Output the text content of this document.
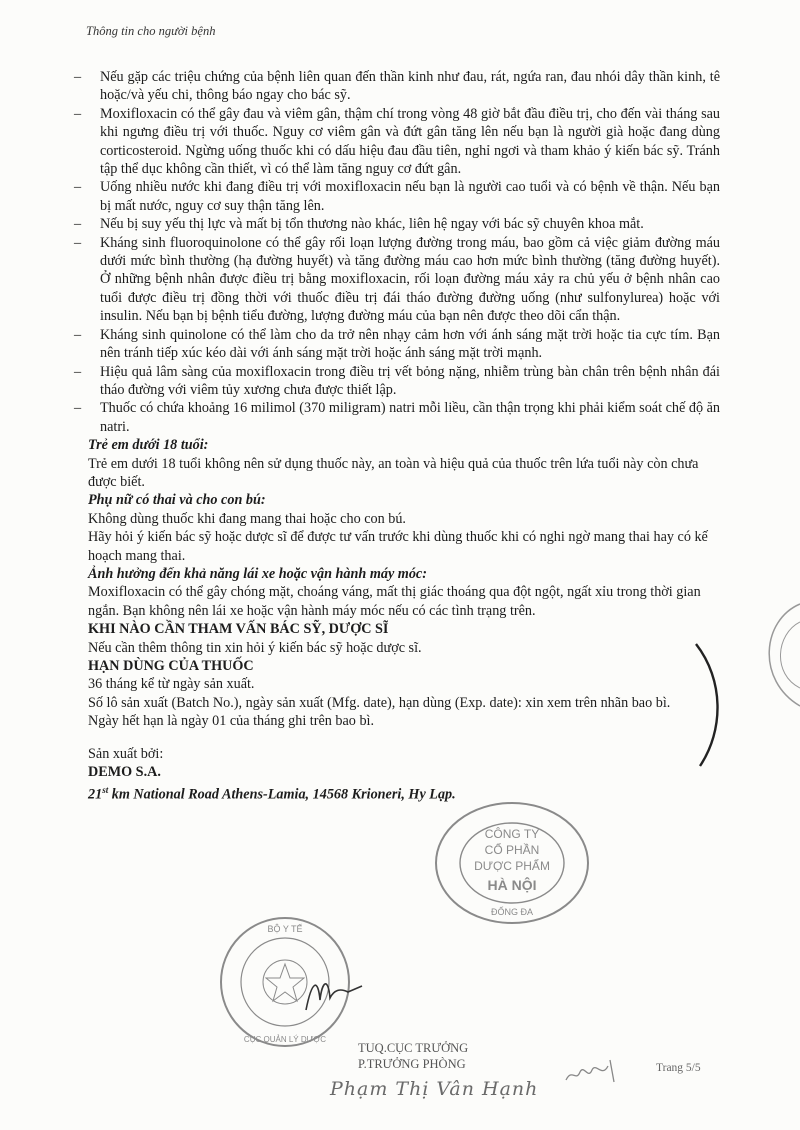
Thông tin cho người bệnh
– Nếu gặp các triệu chứng của bệnh liên quan đến thần kinh như đau, rát, ngứa ran, đau nhói dây thần kinh, tê hoặc/và yếu chi, thông báo ngay cho bác sỹ.
– Moxifloxacin có thể gây đau và viêm gân, thậm chí trong vòng 48 giờ bắt đầu điều trị, cho đến vài tháng sau khi ngưng điều trị với thuốc. Nguy cơ viêm gân và đứt gân tăng lên nếu bạn là người già hoặc đang dùng corticosteroid. Ngừng uống thuốc khi có dấu hiệu đau đầu tiên, nghỉ ngơi và tham khảo ý kiến bác sỹ. Tránh tập thể dục không cần thiết, vì có thể làm tăng nguy cơ đứt gân.
– Uống nhiều nước khi đang điều trị với moxifloxacin nếu bạn là người cao tuổi và có bệnh về thận. Nếu bạn bị mất nước, nguy cơ suy thận tăng lên.
– Nếu bị suy yếu thị lực và mất bị tổn thương nào khác, liên hệ ngay với bác sỹ chuyên khoa mắt.
– Kháng sinh fluoroquinolone có thể gây rối loạn lượng đường trong máu, bao gồm cả việc giảm đường máu dưới mức bình thường (hạ đường huyết) và tăng đường máu cao hơn mức bình thường (tăng đường huyết). Ở những bệnh nhân được điều trị bằng moxifloxacin, rối loạn đường máu xảy ra chủ yếu ở bệnh nhân cao tuổi được điều trị đồng thời với thuốc điều trị đái tháo đường đường uống (như sulfonylurea) hoặc với insulin. Nếu bạn bị bệnh tiểu đường, lượng đường máu của bạn nên được theo dõi cẩn thận.
– Kháng sinh quinolone có thể làm cho da trở nên nhạy cảm hơn với ánh sáng mặt trời hoặc tia cực tím. Bạn nên tránh tiếp xúc kéo dài với ánh sáng mặt trời hoặc ánh sáng mặt trời mạnh.
– Hiệu quả lâm sàng của moxifloxacin trong điều trị vết bỏng nặng, nhiễm trùng bàn chân trên bệnh nhân đái tháo đường với viêm tủy xương chưa được thiết lập.
– Thuốc có chứa khoảng 16 milimol (370 miligram) natri mỗi liều, cần thận trọng khi phải kiểm soát chế độ ăn natri.

Trẻ em dưới 18 tuổi:

Trẻ em dưới 18 tuổi không nên sử dụng thuốc này, an toàn và hiệu quả của thuốc trên lứa tuổi này còn chưa được biết.

Phụ nữ có thai và cho con bú:

Không dùng thuốc khi đang mang thai hoặc cho con bú.

Hãy hỏi ý kiến bác sỹ hoặc dược sĩ để được tư vấn trước khi dùng thuốc khi có nghi ngờ mang thai hay có kế hoạch mang thai.

Ảnh hưởng đến khả năng lái xe hoặc vận hành máy móc:

Moxifloxacin có thể gây chóng mặt, choáng váng, mất thị giác thoáng qua đột ngột, ngất xỉu trong thời gian ngắn. Bạn không nên lái xe hoặc vận hành máy móc nếu có các tình trạng trên.

KHI NÀO CẦN THAM VẤN BÁC SỸ, DƯỢC SĨ

Nếu cần thêm thông tin xin hỏi ý kiến bác sỹ hoặc dược sĩ.

HẠN DÙNG CỦA THUỐC

36 tháng kể từ ngày sản xuất.

Số lô sản xuất (Batch No.), ngày sản xuất (Mfg. date), hạn dùng (Exp. date): xin xem trên nhãn bao bì.

Ngày hết hạn là ngày 01 của tháng ghi trên bao bì.

Sản xuất bởi:

DEMO S.A.

21st km National Road Athens-Lamia, 14568 Krioneri, Hy Lạp.

CÔNG TY
CỔ PHẦN
DƯỢC PHẨM
HÀ NỘI
ĐỐNG ĐA
BỘ Y TẾ
CỤC QUẢN LÝ DƯỢC
TUQ.CỤC TRƯỞNG
P.TRƯỞNG PHÒNG
Phạm Thị Vân Hạnh
Trang 5/5
